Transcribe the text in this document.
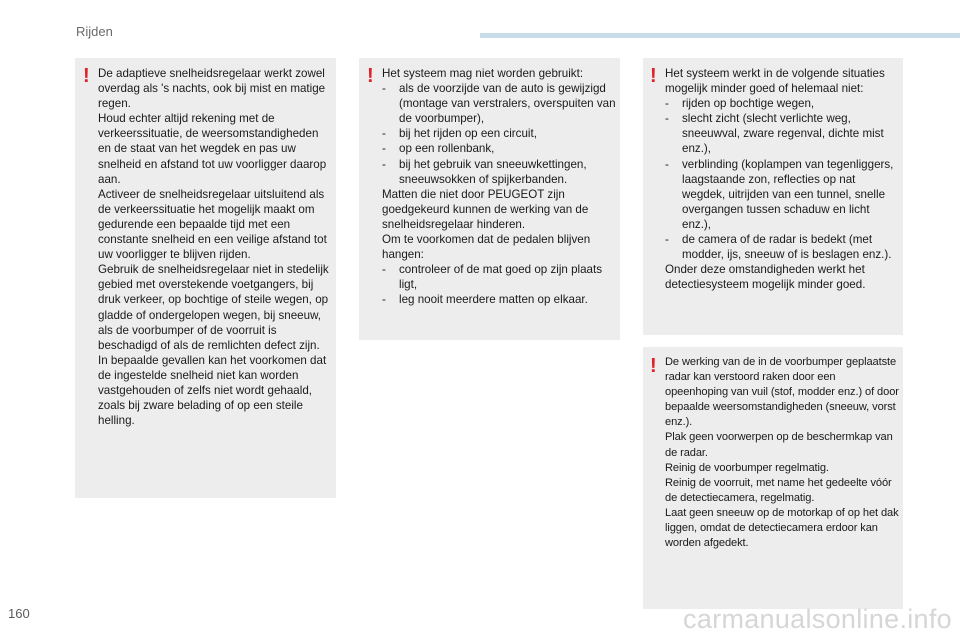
Rijden
! De adaptieve snelheidsregelaar werkt zowel overdag als 's nachts, ook bij mist en matige regen.

Houd echter altijd rekening met de verkeerssituatie, de weersomstandigheden en de staat van het wegdek en pas uw snelheid en afstand tot uw voorligger daarop aan.

Activeer de snelheidsregelaar uitsluitend als de verkeerssituatie het mogelijk maakt om gedurende een bepaalde tijd met een constante snelheid en een veilige afstand tot uw voorligger te blijven rijden.

Gebruik de snelheidsregelaar niet in stedelijk gebied met overstekende voetgangers, bij druk verkeer, op bochtige of steile wegen, op gladde of ondergelopen wegen, bij sneeuw, als de voorbumper of de voorruit is beschadigd of als de remlichten defect zijn.

In bepaalde gevallen kan het voorkomen dat de ingestelde snelheid niet kan worden vastgehouden of zelfs niet wordt gehaald, zoals bij zware belading of op een steile helling.

! Het systeem mag niet worden gebruikt:

-	als de voorzijde van de auto is gewijzigd (montage van verstralers, overspuiten van de voorbumper),
-	bij het rijden op een circuit,
-	op een rollenbank,
-	bij het gebruik van sneeuwkettingen, sneeuwsokken of spijkerbanden.

Matten die niet door PEUGEOT zijn goedgekeurd kunnen de werking van de snelheidsregelaar hinderen.

Om te voorkomen dat de pedalen blijven hangen:

-	controleer of de mat goed op zijn plaats ligt,
-	leg nooit meerdere matten op elkaar.
! Het systeem werkt in de volgende situaties mogelijk minder goed of helemaal niet:

-	rijden op bochtige wegen,
-	slecht zicht (slecht verlichte weg, sneeuwval, zware regenval, dichte mist enz.),
-	verblinding (koplampen van tegenliggers, laagstaande zon, reflecties op nat wegdek, uitrijden van een tunnel, snelle overgangen tussen schaduw en licht enz.),
-	de camera of de radar is bedekt (met modder, ijs, sneeuw of is beslagen enz.).

Onder deze omstandigheden werkt het detectiesysteem mogelijk minder goed.

! De werking van de in de voorbumper geplaatste radar kan verstoord raken door een opeenhoping van vuil (stof, modder enz.) of door bepaalde weersomstandigheden (sneeuw, vorst enz.).

Plak geen voorwerpen op de beschermkap van de radar.

Reinig de voorbumper regelmatig.

Reinig de voorruit, met name het gedeelte vóór de detectiecamera, regelmatig.

Laat geen sneeuw op de motorkap of op het dak liggen, omdat de detectiecamera erdoor kan worden afgedekt.

160	carmanualsonline.info
